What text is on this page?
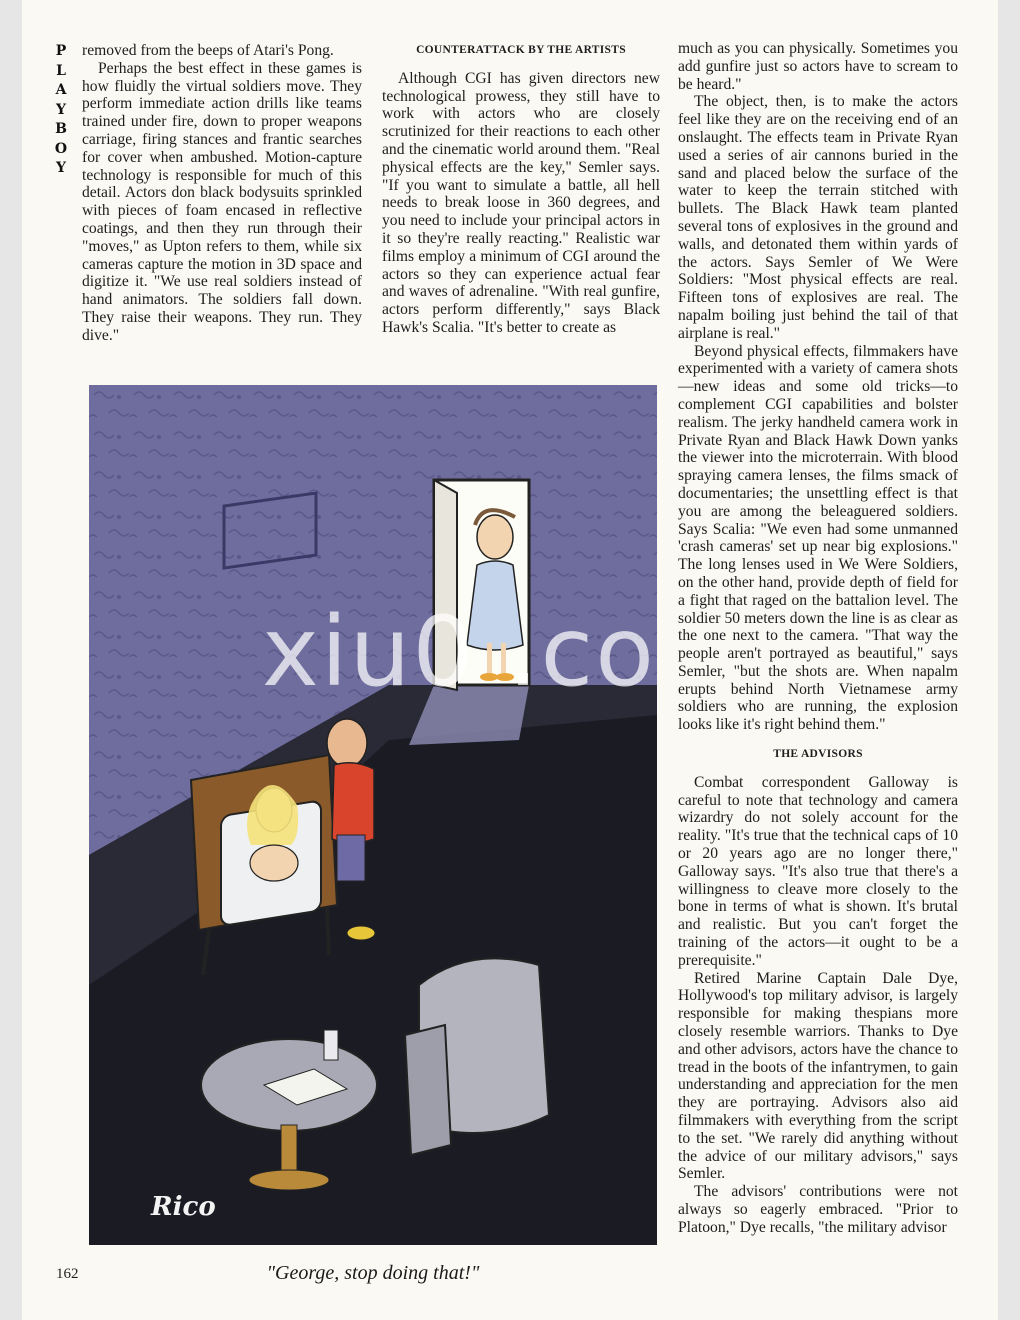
P
L
A
Y
B
O
Y

removed from the beeps of Atari's Pong.

Perhaps the best effect in these games is how fluidly the virtual soldiers move. They perform immediate action drills like teams trained under fire, down to proper weapons carriage, firing stances and frantic searches for cover when ambushed. Motion-capture technology is responsible for much of this detail. Actors don black bodysuits sprinkled with pieces of foam encased in reflective coatings, and then they run through their "moves," as Upton refers to them, while six cameras capture the motion in 3D space and digitize it. "We use real soldiers instead of hand animators. The soldiers fall down. They raise their weapons. They run. They dive."

COUNTERATTACK BY THE ARTISTS

Although CGI has given directors new technological prowess, they still have to work with actors who are closely scrutinized for their reactions to each other and the cinematic world around them. "Real physical effects are the key," Semler says. "If you want to simulate a battle, all hell needs to break loose in 360 degrees, and you need to include your principal actors in it so they're really reacting." Realistic war films employ a minimum of CGI around the actors so they can experience actual fear and waves of adrenaline. "With real gunfire, actors perform differently," says Black Hawk's Scalia. "It's better to create as

much as you can physically. Sometimes you add gunfire just so actors have to scream to be heard."

The object, then, is to make the actors feel like they are on the receiving end of an onslaught. The effects team in Private Ryan used a series of air cannons buried in the sand and placed below the surface of the water to keep the terrain stitched with bullets. The Black Hawk team planted several tons of explosives in the ground and walls, and detonated them within yards of the actors. Says Semler of We Were Soldiers: "Most physical effects are real. Fifteen tons of explosives are real. The napalm boiling just behind the tail of that airplane is real."

Beyond physical effects, filmmakers have experimented with a variety of camera shots—new ideas and some old tricks—to complement CGI capabilities and bolster realism. The jerky handheld camera work in Private Ryan and Black Hawk Down yanks the viewer into the microterrain. With blood spraying camera lenses, the films smack of documentaries; the unsettling effect is that you are among the beleaguered soldiers. Says Scalia: "We even had some unmanned 'crash cameras' set up near big explosions." The long lenses used in We Were Soldiers, on the other hand, provide depth of field for a fight that raged on the battalion level. The soldier 50 meters down the line is as clear as the one next to the camera. "That way the people aren't portrayed as beautiful," says Semler, "but the shots are. When napalm erupts behind North Vietnamese army soldiers who are running, the explosion looks like it's right behind them."

THE ADVISORS

Combat correspondent Galloway is careful to note that technology and camera wizardry do not solely account for the reality. "It's true that the technical caps of 10 or 20 years ago are no longer there," Galloway says. "It's also true that there's a willingness to cleave more closely to the bone in terms of what is shown. It's brutal and realistic. But you can't forget the training of the actors—it ought to be a prerequisite."

Retired Marine Captain Dale Dye, Hollywood's top military advisor, is largely responsible for making thespians more closely resemble warriors. Thanks to Dye and other advisors, actors have the chance to tread in the boots of the infantrymen, to gain understanding and appreciation for the men they are portraying. Advisors also aid filmmakers with everything from the script to the set. "We rarely did anything without the advice of our military advisors," says Semler.

The advisors' contributions were not always so eagerly embraced. "Prior to Platoon," Dye recalls, "the military advisor

Rico
xiu0 .co
"George, stop doing that!"
162
